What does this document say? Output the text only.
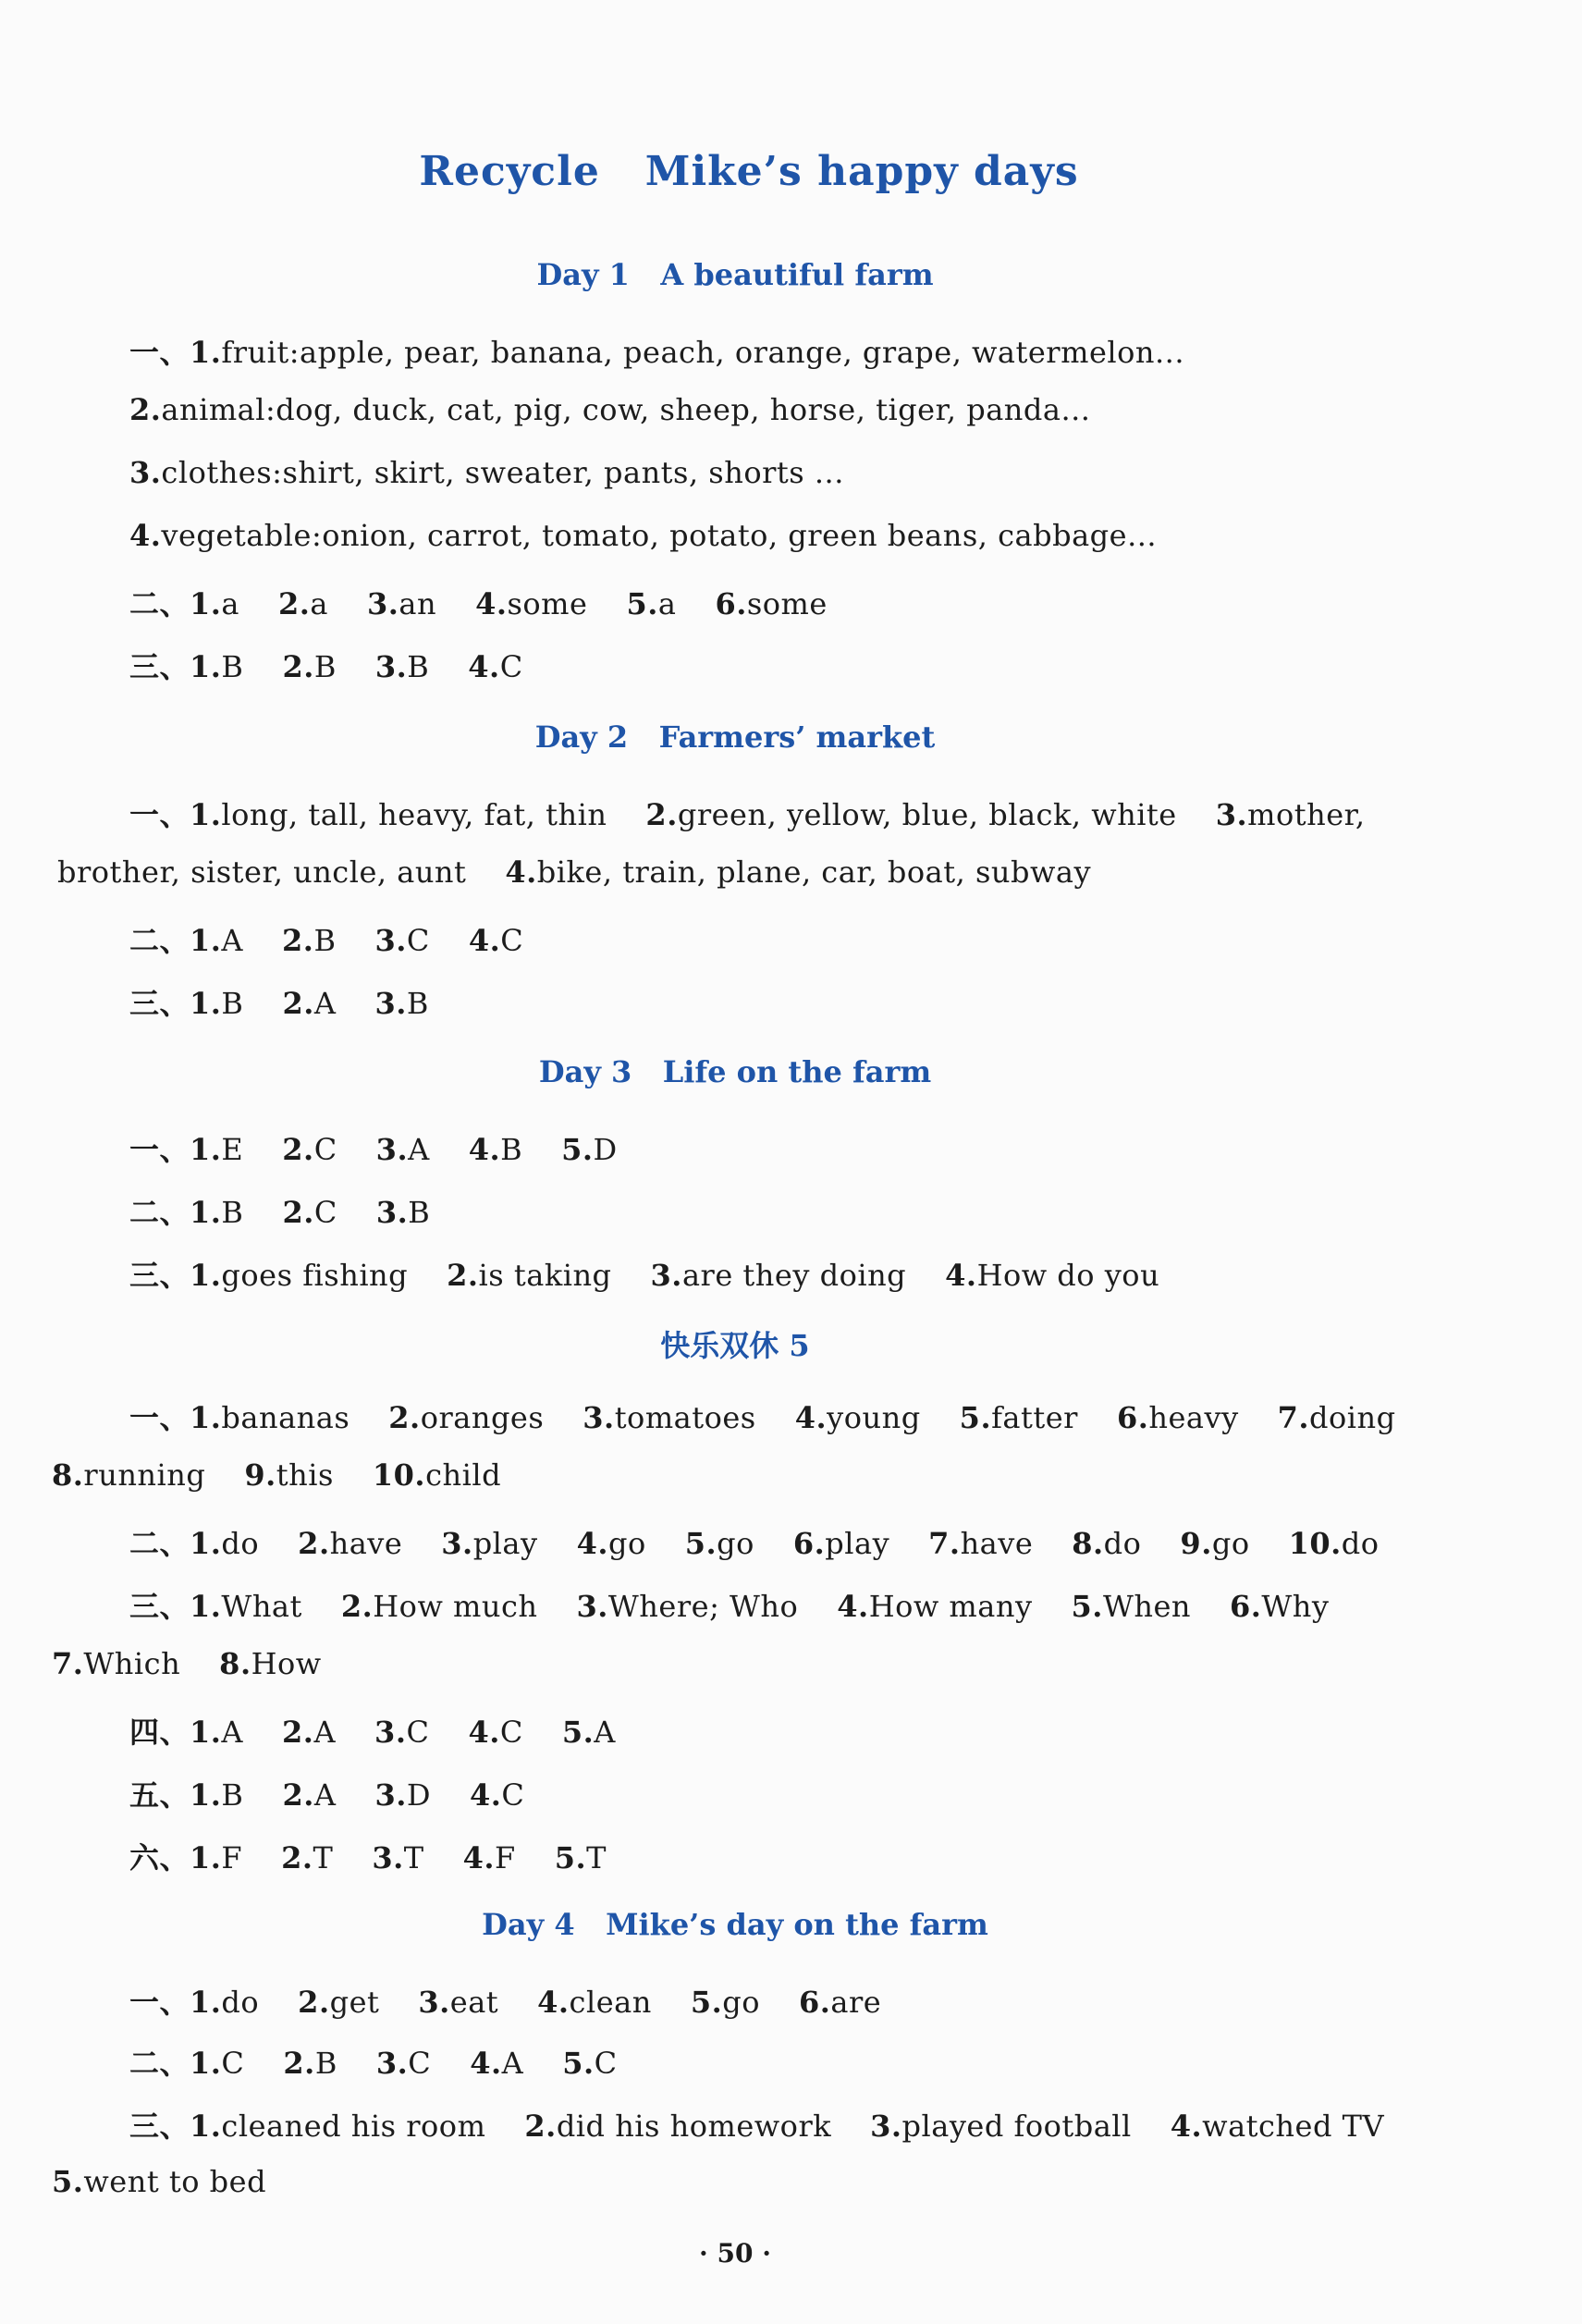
Recycle   Mike’s happy days
Day 1   A beautiful farm
一、1.fruit:apple, pear, banana, peach, orange, grape, watermelon...
2.animal:dog, duck, cat, pig, cow, sheep, horse, tiger, panda...
3.clothes:shirt, skirt, sweater, pants, shorts ...
4.vegetable:onion, carrot, tomato, potato, green beans, cabbage...
二、1.a 2.a 3.an 4.some 5.a 6.some
三、1.B 2.B 3.B 4.C
Day 2   Farmers’ market
一、1.long, tall, heavy, fat, thin 2.green, yellow, blue, black, white 3.mother,
brother, sister, uncle, aunt 4.bike, train, plane, car, boat, subway
二、1.A 2.B 3.C 4.C
三、1.B 2.A 3.B
Day 3   Life on the farm
一、1.E 2.C 3.A 4.B 5.D
二、1.B 2.C 3.B
三、1.goes fishing 2.is taking 3.are they doing 4.How do you
快乐双休 5
一、1.bananas 2.oranges 3.tomatoes 4.young 5.fatter 6.heavy 7.doing
8.running 9.this 10.child
二、1.do 2.have 3.play 4.go 5.go 6.play 7.have 8.do 9.go 10.do
三、1.What 2.How much 3.Where; Who 4.How many 5.When 6.Why
7.Which 8.How
四、1.A 2.A 3.C 4.C 5.A
五、1.B 2.A 3.D 4.C
六、1.F 2.T 3.T 4.F 5.T
Day 4   Mike’s day on the farm
一、1.do 2.get 3.eat 4.clean 5.go 6.are
二、1.C 2.B 3.C 4.A 5.C
三、1.cleaned his room 2.did his homework 3.played football 4.watched TV
5.went to bed
· 50 ·
